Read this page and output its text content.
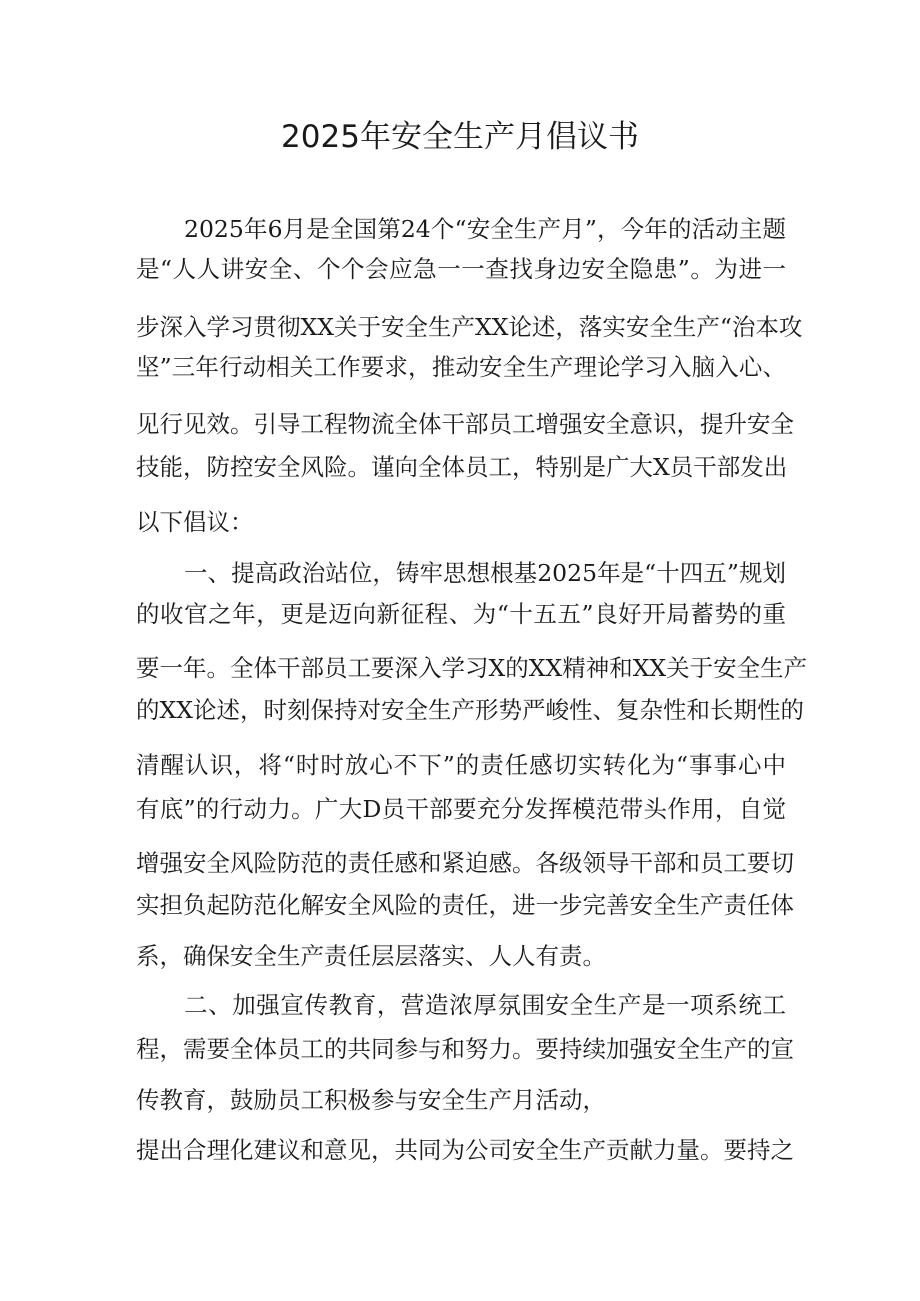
2025年安全生产月倡议书

2025年6月是全国第24个“安全生产月”，今年的活动主题

是“人人讲安全、个个会应急一一查找身边安全隐患”。为进一

步深入学习贯彻XX关于安全生产XX论述，落实安全生产“治本攻

坚”三年行动相关工作要求，推动安全生产理论学习入脑入心、

见行见效。引导工程物流全体干部员工增强安全意识，提升安全

技能，防控安全风险。谨向全体员工，特别是广大X员干部发出

以下倡议：

一、提高政治站位，铸牢思想根基2025年是“十四五”规划

的收官之年，更是迈向新征程、为“十五五”良好开局蓄势的重

要一年。全体干部员工要深入学习X的XX精神和XX关于安全生产

的XX论述，时刻保持对安全生产形势严峻性、复杂性和长期性的

清醒认识，将“时时放心不下”的责任感切实转化为“事事心中

有底”的行动力。广大D员干部要充分发挥模范带头作用，自觉

增强安全风险防范的责任感和紧迫感。各级领导干部和员工要切

实担负起防范化解安全风险的责任，进一步完善安全生产责任体

系，确保安全生产责任层层落实、人人有责。

二、加强宣传教育，营造浓厚氛围安全生产是一项系统工

程，需要全体员工的共同参与和努力。要持续加强安全生产的宣

传教育，鼓励员工积极参与安全生产月活动，

提出合理化建议和意见，共同为公司安全生产贡献力量。要持之
